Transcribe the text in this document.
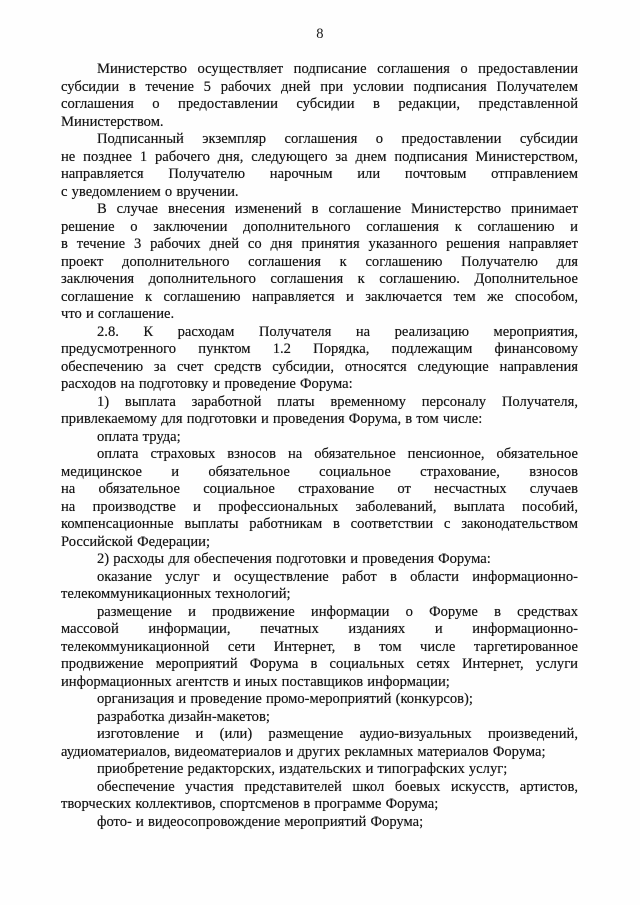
8
Министерство осуществляет подписание соглашения о предоставлении
субсидии в течение 5 рабочих дней при условии подписания Получателем
соглашения о предоставлении субсидии в редакции, представленной
Министерством.
Подписанный экземпляр соглашения о предоставлении субсидии
не позднее 1 рабочего дня, следующего за днем подписания Министерством,
направляется Получателю нарочным или почтовым отправлением
с уведомлением о вручении.
В случае внесения изменений в соглашение Министерство принимает
решение о заключении дополнительного соглашения к соглашению и
в течение 3 рабочих дней со дня принятия указанного решения направляет
проект дополнительного соглашения к соглашению Получателю для
заключения дополнительного соглашения к соглашению. Дополнительное
соглашение к соглашению направляется и заключается тем же способом,
что и соглашение.
2.8. К расходам Получателя на реализацию мероприятия,
предусмотренного пунктом 1.2 Порядка, подлежащим финансовому
обеспечению за счет средств субсидии, относятся следующие направления
расходов на подготовку и проведение Форума:
1) выплата заработной платы временному персоналу Получателя,
привлекаемому для подготовки и проведения Форума, в том числе:
оплата труда;
оплата страховых взносов на обязательное пенсионное, обязательное
медицинское и обязательное социальное страхование, взносов
на обязательное социальное страхование от несчастных случаев
на производстве и профессиональных заболеваний, выплата пособий,
компенсационные выплаты работникам в соответствии с законодательством
Российской Федерации;
2) расходы для обеспечения подготовки и проведения Форума:
оказание услуг и осуществление работ в области информационно-
телекоммуникационных технологий;
размещение и продвижение информации о Форуме в средствах
массовой информации, печатных изданиях и информационно-
телекоммуникационной сети Интернет, в том числе таргетированное
продвижение мероприятий Форума в социальных сетях Интернет, услуги
информационных агентств и иных поставщиков информации;
организация и проведение промо-мероприятий (конкурсов);
разработка дизайн-макетов;
изготовление и (или) размещение аудио-визуальных произведений,
аудиоматериалов, видеоматериалов и других рекламных материалов Форума;
приобретение редакторских, издательских и типографских услуг;
обеспечение участия представителей школ боевых искусств, артистов,
творческих коллективов, спортсменов в программе Форума;
фото- и видеосопровождение мероприятий Форума;
